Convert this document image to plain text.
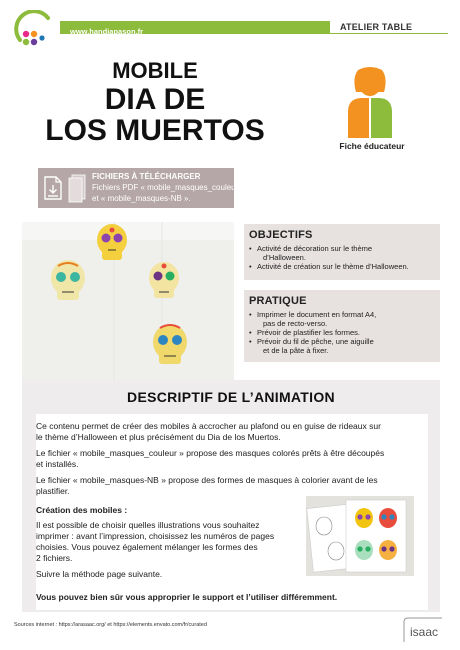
www.handiapason.fr	ATELIER TABLE
MOBILE
DIA DE
LOS MUERTOS	Fiche éducateur
FICHIERS À TÉLÉCHARGER
Fichiers PDF « mobile_masques_couleur »
et « mobile_masques-NB ».
OBJECTIFS
• Activité de décoration sur le thème
d’Halloween.
• Activité de création sur le thème d’Halloween.
PRATIQUE
• Imprimer le document en format A4,
pas de recto-verso.
• Prévoir de plastifier les formes.
• Prévoir du fil de pêche, une aiguille
et de la pâte à fixer.
DESCRIPTIF DE L’ANIMATION
Ce contenu permet de créer des mobiles à accrocher au plafond ou en guise de rideaux sur
le thème d’Halloween et plus précisément du Dia de los Muertos.
Le fichier « mobile_masques_couleur » propose des masques colorés prêts à être découpés
et installés.
Le fichier « mobile_masques-NB » propose des formes de masques à colorier avant de les
plastifier.
Création des mobiles :
Il est possible de choisir quelles illustrations vous souhaitez
imprimer : avant l’impression, choisissez les numéros de pages
choisies. Vous pouvez également mélanger les formes des
2 fichiers.
Suivre la méthode page suivante.
Vous pouvez bien sûr vous approprier le support et l’utiliser différemment.
Sources internet : https://arasaac.org/ et https://elements.envato.com/fr/curated	isaac
